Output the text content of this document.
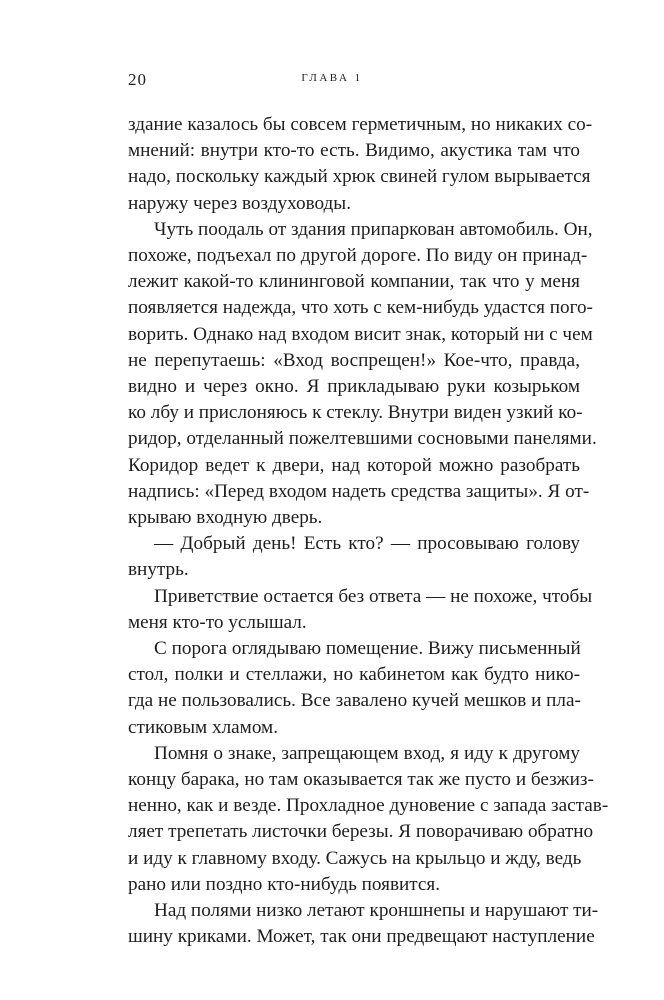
20	ГЛАВА 1

здание казалось бы совсем герметичным, но никаких со-
мнений: внутри кто-то есть. Видимо, акустика там что
надо, поскольку каждый хрюк свиней гулом вырывается
наружу через воздуховоды.

Чуть поодаль от здания припаркован автомобиль. Он,
похоже, подъехал по другой дороге. По виду он принад-
лежит какой-то клининговой компании, так что у меня
появляется надежда, что хоть с кем-нибудь удастся пого-
ворить. Однако над входом висит знак, который ни с чем
не перепутаешь: «Вход воспрещен!» Кое-что, правда,
видно и через окно. Я прикладываю руки козырьком
ко лбу и прислоняюсь к стеклу. Внутри виден узкий ко-
ридор, отделанный пожелтевшими сосновыми панелями.
Коридор ведет к двери, над которой можно разобрать
надпись: «Перед входом надеть средства защиты». Я от-
крываю входную дверь.

— Добрый день! Есть кто? — просовываю голову
внутрь.

Приветствие остается без ответа — не похоже, чтобы
меня кто-то услышал.

С порога оглядываю помещение. Вижу письменный
стол, полки и стеллажи, но кабинетом как будто нико-
гда не пользовались. Все завалено кучей мешков и пла-
стиковым хламом.

Помня о знаке, запрещающем вход, я иду к другому
концу барака, но там оказывается так же пусто и безжиз-
ненно, как и везде. Прохладное дуновение с запада застав-
ляет трепетать листочки березы. Я поворачиваю обратно
и иду к главному входу. Сажусь на крыльцо и жду, ведь
рано или поздно кто-нибудь появится.

Над полями низко летают кроншнепы и нарушают ти-
шину криками. Может, так они предвещают наступление
